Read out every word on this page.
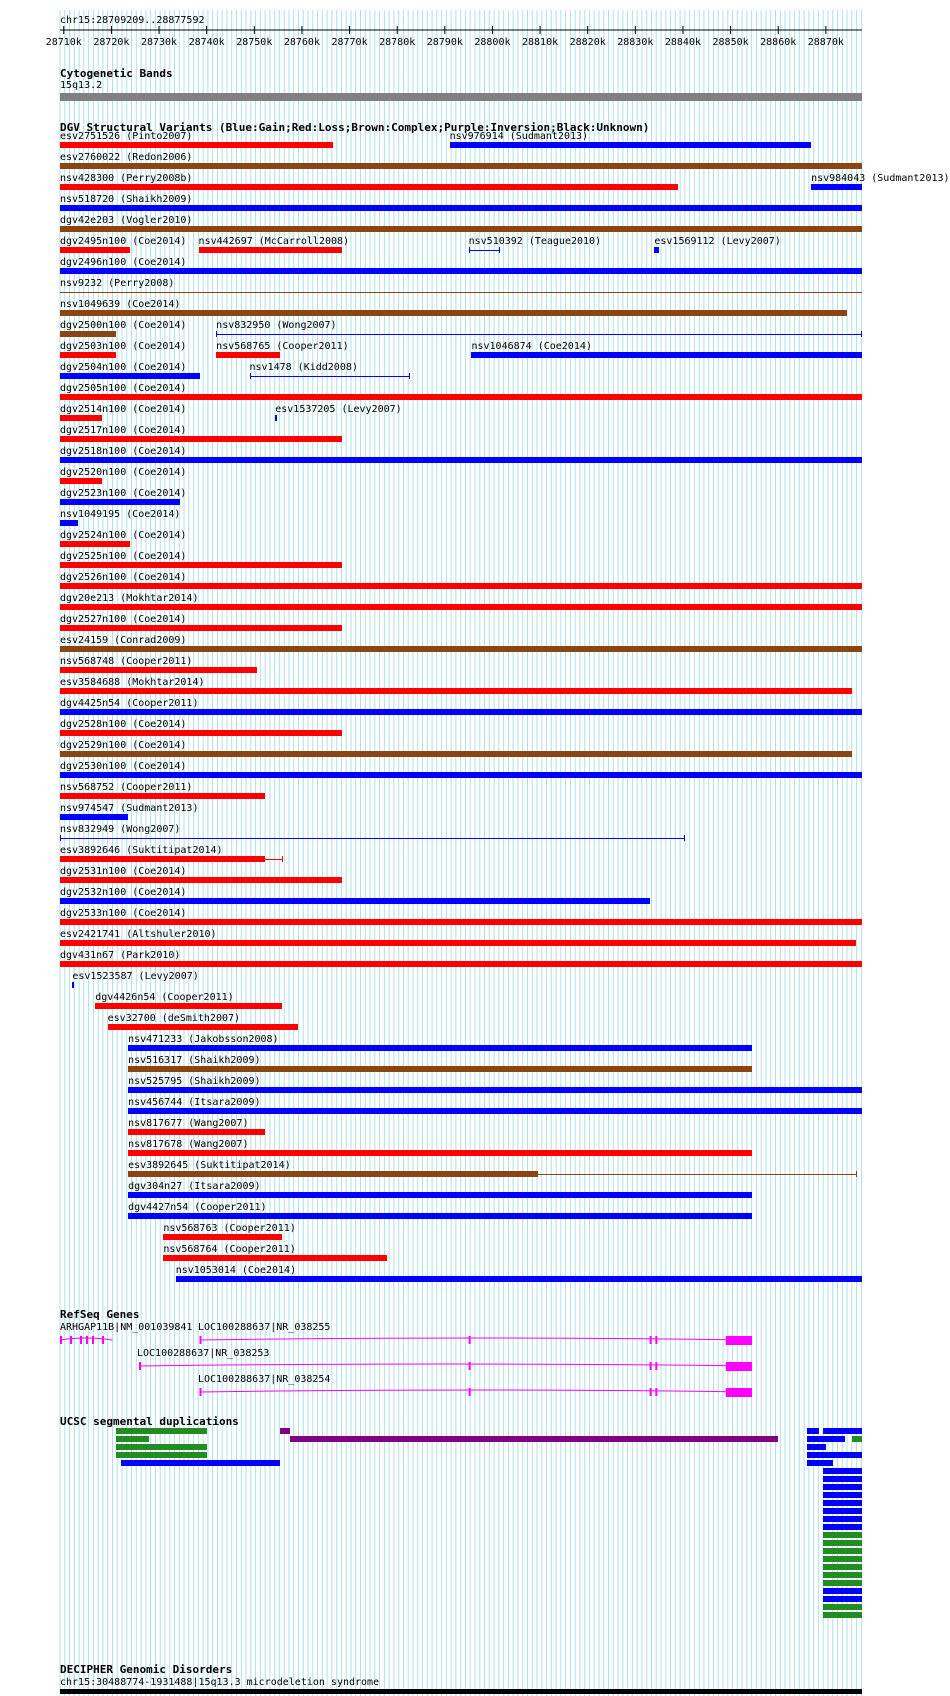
chr15:28709209..28877592
28710k 28720k 28730k 28740k 28750k 28760k 28770k 28780k 28790k 28800k 28810k 28820k 28830k 28840k 28850k 28860k 28870k
Cytogenetic Bands
15q13.2
DGV Structural Variants (Blue:Gain;Red:Loss;Brown:Complex;Purple:Inversion;Black:Unknown)
esv2751526 (Pinto2007)	nsv976914 (Sudmant2013)
esv2760022 (Redon2006)
nsv428300 (Perry2008b)	nsv984043 (Sudmant2013)
nsv518720 (Shaikh2009)
dgv42e203 (Vogler2010)
dgv2495n100 (Coe2014) nsv442697 (McCarroll2008)	nsv510392 (Teague2010)	esv1569112 (Levy2007)
dgv2496n100 (Coe2014)
nsv9232 (Perry2008)
nsv1049639 (Coe2014)
dgv2500n100 (Coe2014)	nsv832950 (Wong2007)
dgv2503n100 (Coe2014)	nsv568765 (Cooper2011)	nsv1046874 (Coe2014)
dgv2504n100 (Coe2014)	nsv1478 (Kidd2008)
dgv2505n100 (Coe2014)
dgv2514n100 (Coe2014)	esv1537205 (Levy2007)
dgv2517n100 (Coe2014)
dgv2518n100 (Coe2014)
dgv2520n100 (Coe2014)
dgv2523n100 (Coe2014)
nsv1049195 (Coe2014)
dgv2524n100 (Coe2014)
dgv2525n100 (Coe2014)
dgv2526n100 (Coe2014)
dgv20e213 (Mokhtar2014)
dgv2527n100 (Coe2014)
esv24159 (Conrad2009)
nsv568748 (Cooper2011)
esv3584688 (Mokhtar2014)
dgv4425n54 (Cooper2011)
dgv2528n100 (Coe2014)
dgv2529n100 (Coe2014)
dgv2530n100 (Coe2014)
nsv568752 (Cooper2011)
nsv974547 (Sudmant2013)
nsv832949 (Wong2007)
esv3892646 (Suktitipat2014)
dgv2531n100 (Coe2014)
dgv2532n100 (Coe2014)
dgv2533n100 (Coe2014)
esv2421741 (Altshuler2010)
dgv431n67 (Park2010)
esv1523587 (Levy2007)
dgv4426n54 (Cooper2011)
esv32700 (deSmith2007)
nsv471233 (Jakobsson2008)
nsv516317 (Shaikh2009)
nsv525795 (Shaikh2009)
nsv456744 (Itsara2009)
nsv817677 (Wang2007)
nsv817678 (Wang2007)
esv3892645 (Suktitipat2014)
dgv304n27 (Itsara2009)
dgv4427n54 (Cooper2011)
nsv568763 (Cooper2011)
nsv568764 (Cooper2011)
nsv1053014 (Coe2014)
RefSeq Genes
ARHGAP11B|NM_001039841 LOC100288637|NR_038255
LOC100288637|NR_038253
LOC100288637|NR_038254
UCSC segmental duplications
DECIPHER Genomic Disorders
chr15:30488774-1931488|15q13.3 microdeletion syndrome
